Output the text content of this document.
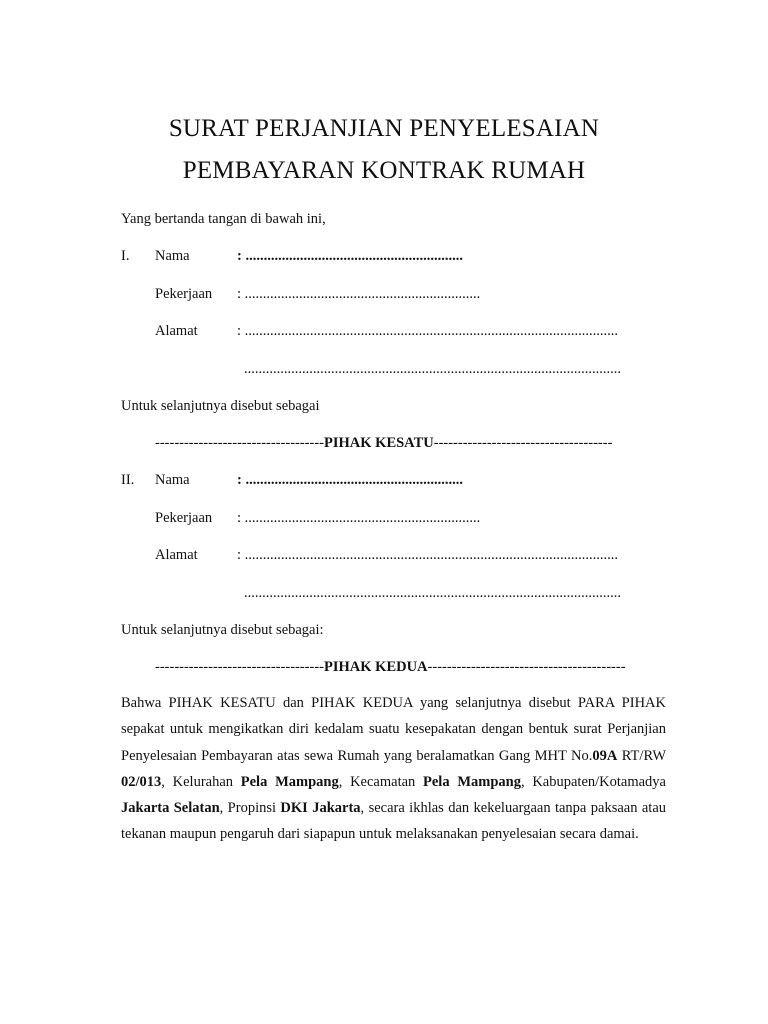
SURAT PERJANJIAN PENYELESAIAN
PEMBAYARAN KONTRAK RUMAH
Yang bertanda tangan di bawah ini,
I. Nama	: ............................................................
Pekerjaan : .................................................................
Alamat	: .......................................................................................................
........................................................................................................
Untuk selanjutnya disebut sebagai
-----------------------------------PIHAK KESATU-------------------------------------
II. Nama	: ............................................................
Pekerjaan : .................................................................
Alamat	: .......................................................................................................
........................................................................................................
Untuk selanjutnya disebut sebagai:
-----------------------------------PIHAK KEDUA-----------------------------------------
Bahwa PIHAK KESATU dan PIHAK KEDUA yang selanjutnya disebut PARA PIHAK sepakat untuk mengikatkan diri kedalam suatu kesepakatan dengan bentuk surat Perjanjian Penyelesaian Pembayaran atas sewa Rumah yang beralamatkan Gang MHT No.09A RT/RW 02/013, Kelurahan Pela Mampang, Kecamatan Pela Mampang, Kabupaten/Kotamadya Jakarta Selatan, Propinsi DKI Jakarta, secara ikhlas dan kekeluargaan tanpa paksaan atau tekanan maupun pengaruh dari siapapun untuk melaksanakan penyelesaian secara damai.
